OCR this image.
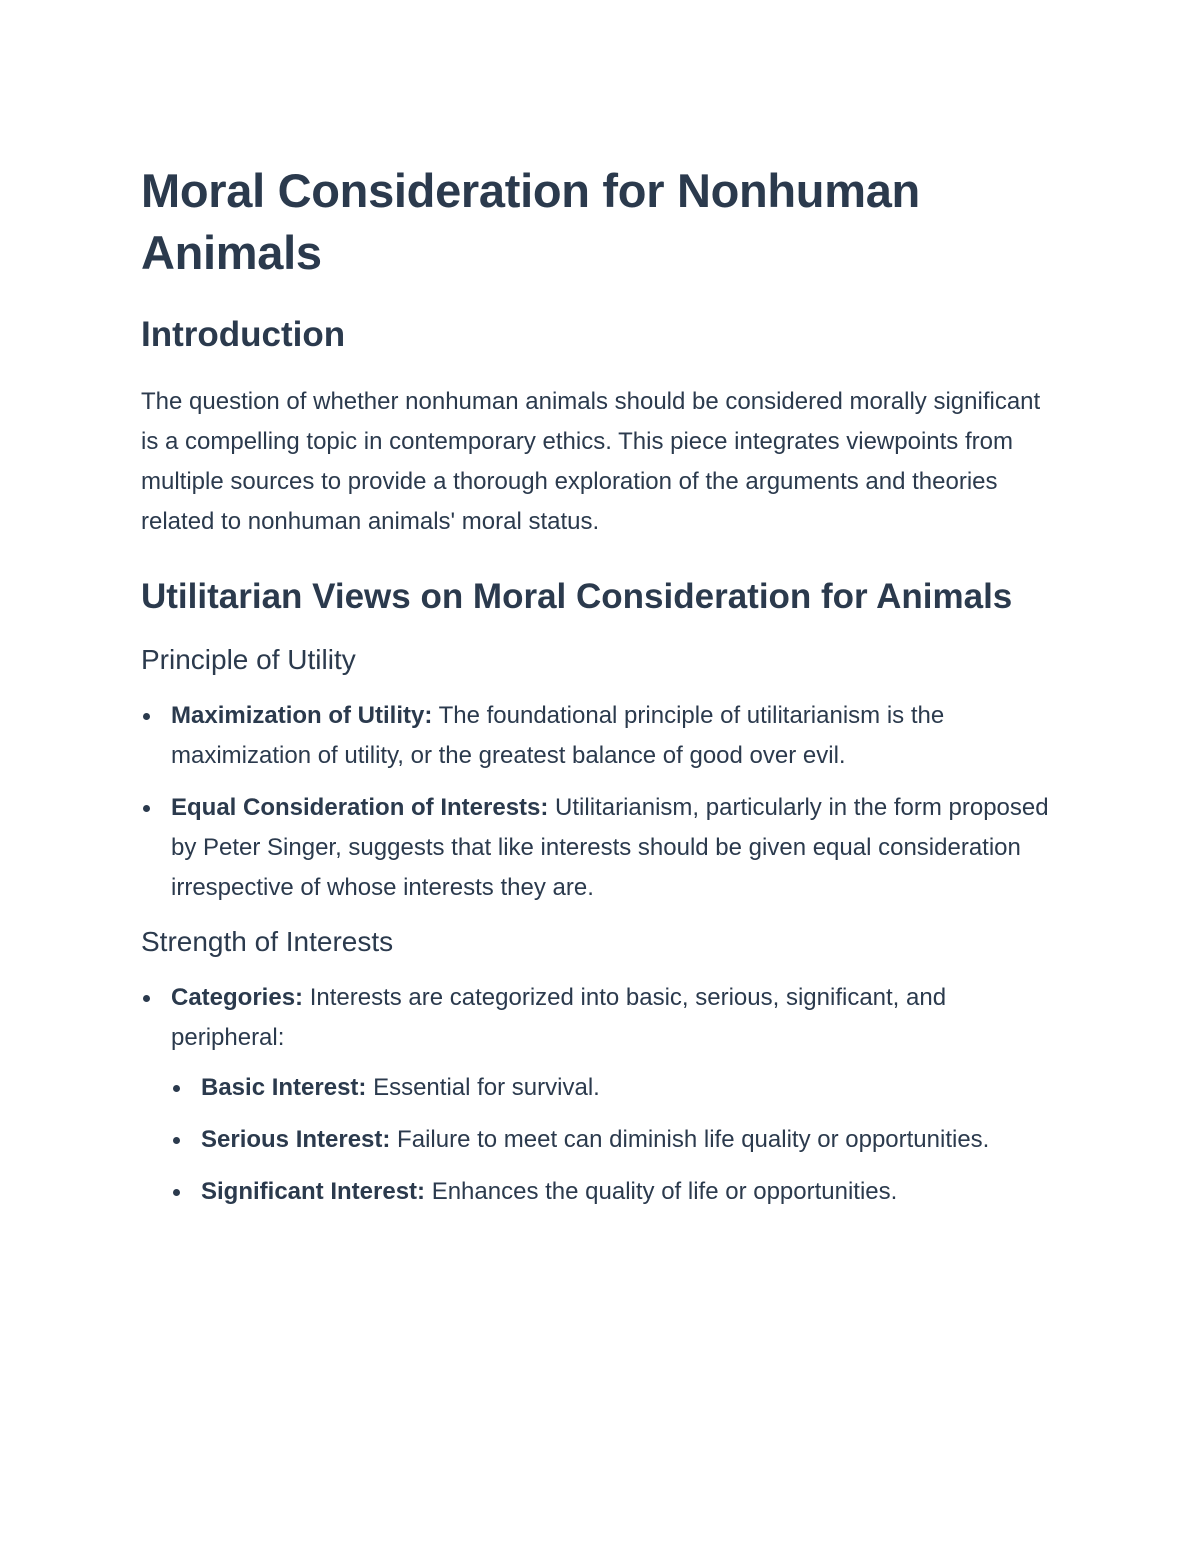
Moral Consideration for Nonhuman Animals
Introduction

The question of whether nonhuman animals should be considered morally significant is a compelling topic in contemporary ethics. This piece integrates viewpoints from multiple sources to provide a thorough exploration of the arguments and theories related to nonhuman animals' moral status.

Utilitarian Views on Moral Consideration for Animals
Principle of Utility
Maximization of Utility: The foundational principle of utilitarianism is the maximization of utility, or the greatest balance of good over evil.
Equal Consideration of Interests: Utilitarianism, particularly in the form proposed by Peter Singer, suggests that like interests should be given equal consideration irrespective of whose interests they are.
Strength of Interests
Categories: Interests are categorized into basic, serious, significant, and peripheral:
Basic Interest: Essential for survival.
Serious Interest: Failure to meet can diminish life quality or opportunities.
Significant Interest: Enhances the quality of life or opportunities.
